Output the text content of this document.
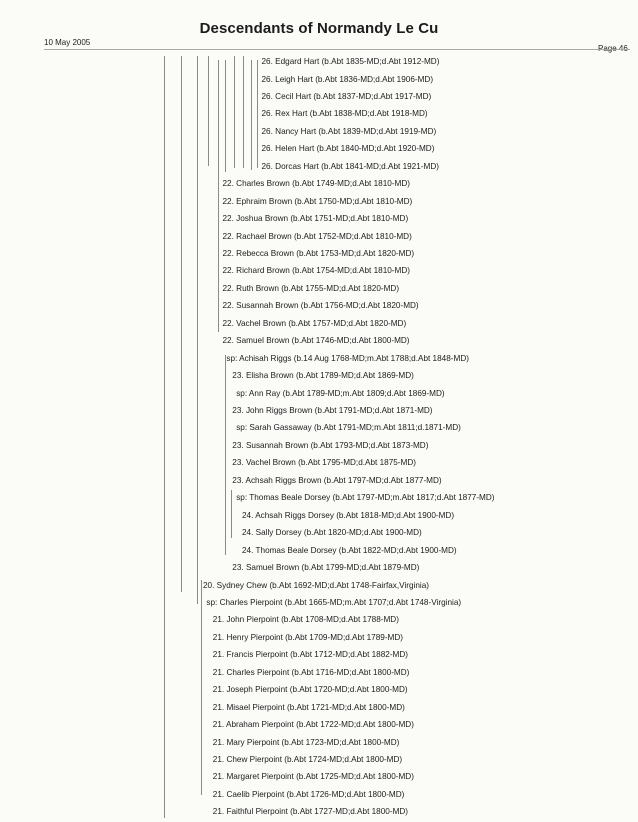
Descendants of Normandy Le Cu
10 May 2005
Page 46
26. Edgard Hart (b.Abt 1835-MD;d.Abt 1912-MD)
26. Leigh Hart (b.Abt 1836-MD;d.Abt 1906-MD)
26. Cecil Hart (b.Abt 1837-MD;d.Abt 1917-MD)
26. Rex Hart (b.Abt 1838-MD;d.Abt 1918-MD)
26. Nancy Hart (b.Abt 1839-MD;d.Abt 1919-MD)
26. Helen Hart (b.Abt 1840-MD;d.Abt 1920-MD)
26. Dorcas Hart (b.Abt 1841-MD;d.Abt 1921-MD)
22. Charles Brown (b.Abt 1749-MD;d.Abt 1810-MD)
22. Ephraim Brown (b.Abt 1750-MD;d.Abt 1810-MD)
22. Joshua Brown (b.Abt 1751-MD;d.Abt 1810-MD)
22. Rachael Brown (b.Abt 1752-MD;d.Abt 1810-MD)
22. Rebecca Brown (b.Abt 1753-MD;d.Abt 1820-MD)
22. Richard Brown (b.Abt 1754-MD;d.Abt 1810-MD)
22. Ruth Brown (b.Abt 1755-MD;d.Abt 1820-MD)
22. Susannah Brown (b.Abt 1756-MD;d.Abt 1820-MD)
22. Vachel Brown (b.Abt 1757-MD;d.Abt 1820-MD)
22. Samuel Brown (b.Abt 1746-MD;d.Abt 1800-MD)
sp: Achisah Riggs (b.14 Aug 1768-MD;m.Abt 1788;d.Abt 1848-MD)
23. Elisha Brown (b.Abt 1789-MD;d.Abt 1869-MD)
sp: Ann Ray (b.Abt 1789-MD;m.Abt 1809;d.Abt 1869-MD)
23. John Riggs Brown (b.Abt 1791-MD;d.Abt 1871-MD)
sp: Sarah Gassaway (b.Abt 1791-MD;m.Abt 1811;d.1871-MD)
23. Susannah Brown (b.Abt 1793-MD;d.Abt 1873-MD)
23. Vachel Brown (b.Abt 1795-MD;d.Abt 1875-MD)
23. Achsah Riggs Brown (b.Abt 1797-MD;d.Abt 1877-MD)
sp: Thomas Beale Dorsey (b.Abt 1797-MD;m.Abt 1817;d.Abt 1877-MD)
24. Achsah Riggs Dorsey (b.Abt 1818-MD;d.Abt 1900-MD)
24. Sally Dorsey (b.Abt 1820-MD;d.Abt 1900-MD)
24. Thomas Beale Dorsey (b.Abt 1822-MD;d.Abt 1900-MD)
23. Samuel Brown (b.Abt 1799-MD;d.Abt 1879-MD)
20. Sydney Chew (b.Abt 1692-MD;d.Abt 1748-Fairfax,Virginia)
sp: Charles Pierpoint (b.Abt 1665-MD;m.Abt 1707;d.Abt 1748-Virginia)
21. John Pierpoint (b.Abt 1708-MD;d.Abt 1788-MD)
21. Henry Pierpoint (b.Abt 1709-MD;d.Abt 1789-MD)
21. Francis Pierpoint (b.Abt 1712-MD;d.Abt 1882-MD)
21. Charles Pierpoint (b.Abt 1716-MD;d.Abt 1800-MD)
21. Joseph Pierpoint (b.Abt 1720-MD;d.Abt 1800-MD)
21. Misael Pierpoint (b.Abt 1721-MD;d.Abt 1800-MD)
21. Abraham Pierpoint (b.Abt 1722-MD;d.Abt 1800-MD)
21. Mary Pierpoint (b.Abt 1723-MD;d.Abt 1800-MD)
21. Chew Pierpoint (b.Abt 1724-MD;d.Abt 1800-MD)
21. Margaret Pierpoint (b.Abt 1725-MD;d.Abt 1800-MD)
21. Caelib Pierpoint (b.Abt 1726-MD;d.Abt 1800-MD)
21. Faithful Pierpoint (b.Abt 1727-MD;d.Abt 1800-MD)
